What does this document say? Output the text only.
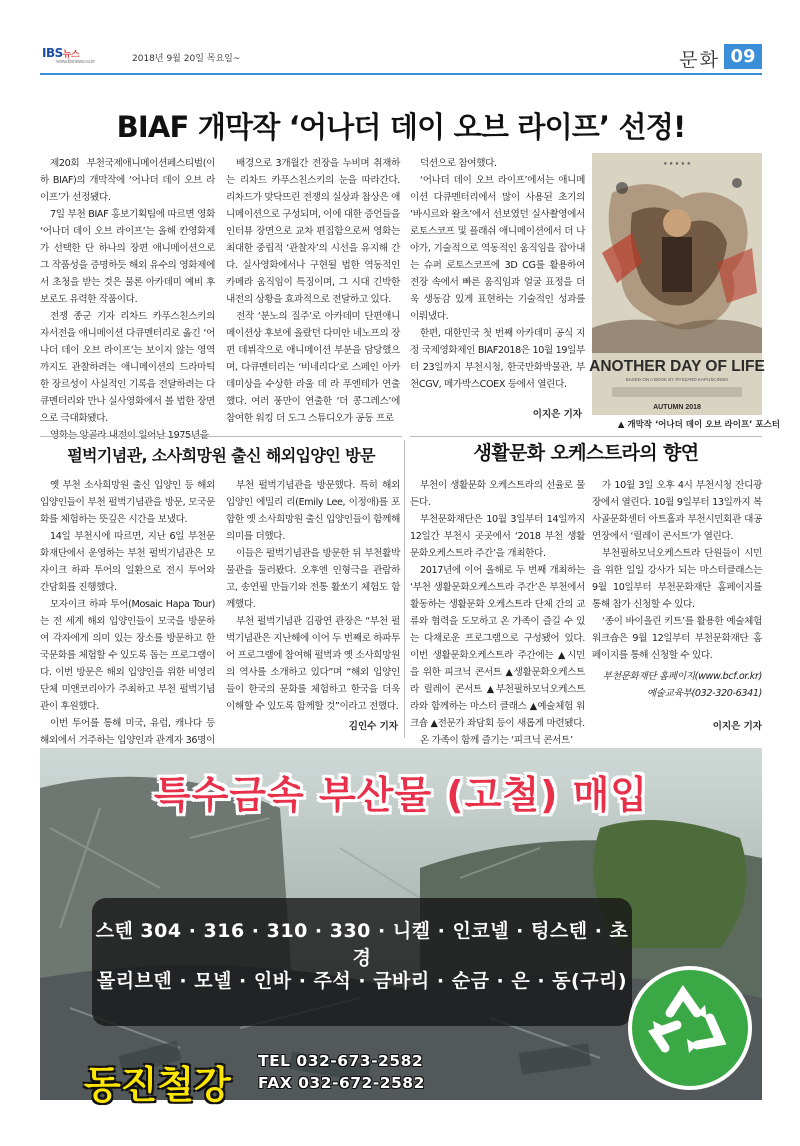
IBS뉴스
www.ibsnews.co.kr	2018년 9월 20일 목요일~	문화 09
BIAF 개막작 ‘어나더 데이 오브 라이프’ 선정!

제20회 부천국제애니메이션페스티벌(이하 BIAF)의 개막작에 ‘어나더 데이 오브 라이프’가 선정됐다.

7일 부천 BIAF 홍보기획팀에 따르면 영화 ‘어나더 데이 오브 라이프’는 올해 칸영화제가 선택한 단 하나의 장편 애니메이션으로 그 작품성을 증명하듯 해외 유수의 영화제에서 초청을 받는 것은 물론 아카데미 예비 후보로도 유력한 작품이다.

전쟁 종군 기자 리차드 카푸스친스키의 자서전을 애니메이션 다큐멘터리로 옮긴 ‘어나더 데이 오브 라이프’는 보이지 않는 영역까지도 관찰하려는 애니메이션의 드라마틱한 장르성이 사실적인 기록을 전달하려는 다큐멘터리와 만나 실사영화에서 볼 법한 장면으로 극대화됐다.

배경으로 3개월간 전장을 누비며 취재하는 리차드 카푸스친스키의 눈을 따라간다. 리차드가 맞닥뜨린 전쟁의 실상과 참상은 애니메이션으로 구성되며, 이에 대한 증언들을 인터뷰 장면으로 교차 편집함으로써 영화는 최대한 중립적 ‘관찰자’의 시선을 유지해 간다. 실사영화에서나 구현될 법한 역동적인 카메라 움직임이 특징이며, 그 시대 긴박한 내전의 상황을 효과적으로 전달하고 있다.

전작 ‘분노의 질주’로 아카데미 단편애니메이션상 후보에 올랐던 다미안 네노프의 장편 데뷔작으로 애니메이션 부분을 담당했으며, 다큐멘터리는 ‘비네리다’로 스페인 아카데미상을 수상한 라울 데 라 푸엔테가 연출했다. 여러 풍만이 연출한 ‘더 콩그레스’에 참여한 워킹 더 도그 스튜디오가 공동 프로

덕션으로 참여했다.

‘어나더 데이 오브 라이프’에서는 애니메이션 다큐멘터리에서 많이 사용된 초기의 ‘바시르와 왈츠’에서 선보였던 실사촬영에서 로토스코프 및 플래쉬 애니메이션에서 더 나아가, 기술적으로 역동적인 움직임을 잡아내는 슈퍼 로토스코프에 3D CG를 활용하여 전장 속에서 빠른 움직임과 얼굴 표정을 더욱 생동감 있게 표현하는 기술적인 성과를 이뤄냈다.

한편, 대한민국 첫 번째 아카데미 공식 지정 국제영화제인 BIAF2018은 10월 19일부터 23일까지 부천시청, 한국만화박물관, 부천CGV, 메가박스COEX 등에서 열린다.

이지은 기자
★ ★ ★ ★ ★
ANOTHER DAY OF LIFE
BASED ON A BOOK BY RYSZARD KAPUŚCIŃSKI
AUTUMN 2018
▲ 개막작 ‘어나더 데이 오브 라이프’ 포스터
펄벅기념관, 소사희망원 출신 해외입양인 방문

옛 부천 소사희망원 출신 입양인 등 해외 입양인들이 부천 펄벅기념관을 방문, 모국문화를 체험하는 뜻깊은 시간을 보냈다.

14일 부천시에 따르면, 지난 6일 부천문화재단에서 운영하는 부천 펄벅기념관은 모자이크 하파 투어의 일환으로 전시 투어와 간담회를 진행했다.

모자이크 하파 투어(Mosaic Hapa Tour)는 전 세계 해외 입양인들이 모국을 방문하여 각자에게 의미 있는 장소를 방문하고 한국문화를 체험할 수 있도록 돕는 프로그램이다. 이번 방문은 해외 입양인을 위한 비영리단체 미앤코리아가 주최하고 부천 펄벅기념관이 후원했다.

이번 투어를 통해 미국, 유럽, 캐나다 등 해외에서 거주하는 입양인과 관계자 36명이

부천 펄벅기념관을 방문했다. 특히 해외 입양인 에밀리 리(Emily Lee, 이정애)를 포함한 옛 소사희망원 출신 입양인들이 함께해 의미를 더했다.

이들은 펄벅기념관을 방문한 뒤 부천활박물관을 둘러봤다. 오후엔 인형극을 관람하고, 송연필 만들기와 전통 활쏘기 체험도 함께했다.

부천 펄벅기념관 김광연 관장은 “부천 펄벅기념관은 지난해에 이어 두 번째로 하파투어 프로그램에 참여해 펄벅과 옛 소사희망원의 역사를 소개하고 있다”며 “해외 입양인들이 한국의 문화를 체험하고 한국을 더욱 이해할 수 있도록 함께할 것”이라고 전했다.

김인수 기자
생활문화 오케스트라의 향연

부천이 생활문화 오케스트라의 선율로 물든다.

부천문화재단은 10월 3일부터 14일까지 12일간 부천시 곳곳에서 ‘2018 부천 생활문화오케스트라 주간’을 개최한다.

2017년에 이어 올해로 두 번째 개최하는 ‘부천 생활문화오케스트라 주간’은 부천에서 활동하는 생활문화 오케스트라 단체 간의 교류와 협력을 도모하고 온 가족이 즐길 수 있는 다채로운 프로그램으로 구성됐어 있다. 이번 생활문화오케스트라 주간에는 ▲시민을 위한 피크닉 콘서트 ▲생활문화오케스트라 릴레이 콘서트 ▲부천필하모닉오케스트라와 함께하는 마스터 클래스 ▲예술체험 워크숍 ▲전문가 좌담회 등이 새롭게 마련됐다.

온 가족이 함께 즐기는 ‘피크닉 콘서트’

가 10월 3일 오후 4시 부천시청 잔디광장에서 열린다. 10월 9일부터 13일까지 복사골문화센터 아트홀과 부천시민회관 대공연장에서 ‘릴레이 콘서트’가 열린다.

부천필하모닉오케스트라 단원들이 시민을 위한 일일 강사가 되는 마스터클래스는 9월 10일부터 부천문화재단 홈페이지를 통해 참가 신청할 수 있다.

‘종이 바이올린 키트’를 활용한 예술체험워크숍은 9월 12일부터 부천문화재단 홈페이지를 통해 신청할 수 있다.

부천문화재단 홈페이지(www.bcf.or.kr)
예술교육부(032-320-6341)
이지은 기자
특수금속 부산물 (고철) 매입
스텐 304 · 316 · 310 · 330 · 니켈 · 인코넬 · 텅스텐 · 초경
몰리브덴 · 모넬 · 인바 · 주석 · 금바리 · 순금 · 은 · 동(구리)
동진철강
TEL 032-673-2582
FAX 032-672-2582
